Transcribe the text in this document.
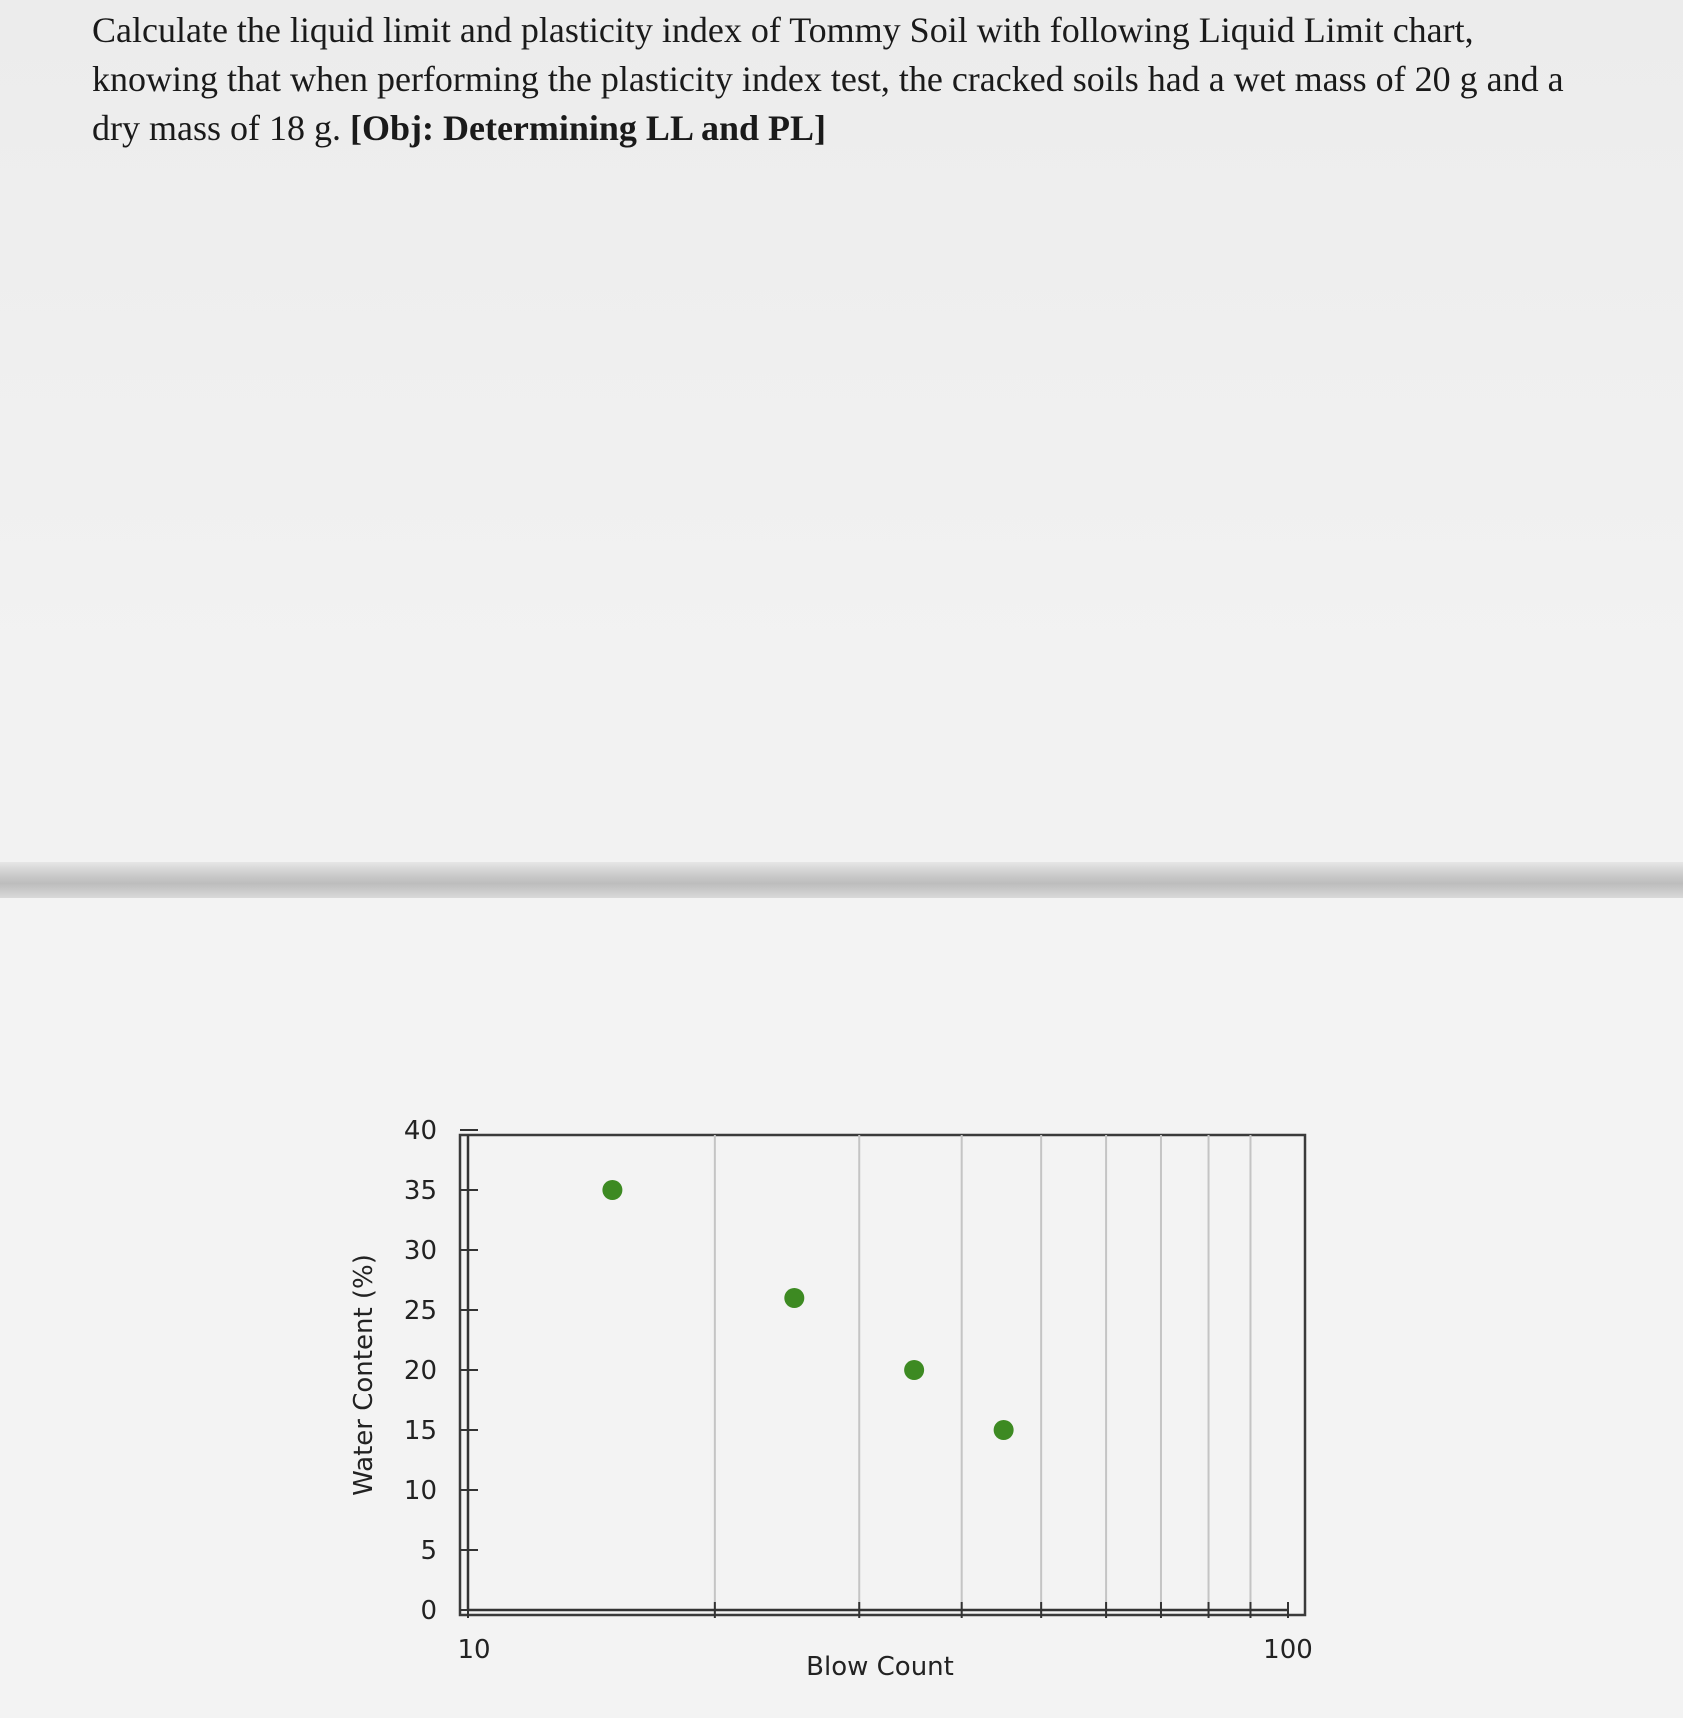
Calculate the liquid limit and plasticity index of Tommy Soil with following Liquid Limit chart, knowing that when performing the plasticity index test, the cracked soils had a wet mass of 20 g and a dry mass of 18 g. [Obj: Determining LL and PL]

0
5
10
15
20
25
30
35
40
10	100
Water Content (%)
Blow Count
